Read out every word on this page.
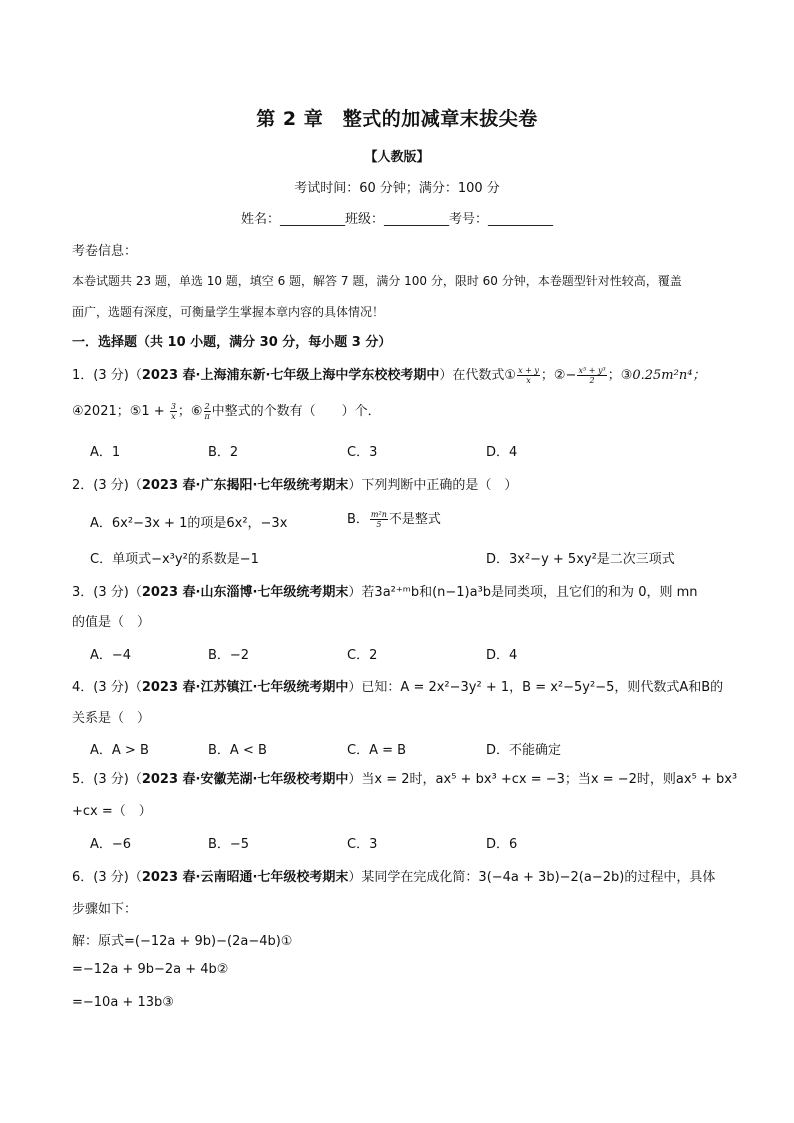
第 2 章　整式的加减章末拔尖卷
【人教版】
考试时间：60 分钟；满分：100 分
姓名：__________班级：__________考号：__________
考卷信息：
本卷试题共 23 题，单选 10 题，填空 6 题，解答 7 题，满分 100 分，限时 60 分钟，本卷题型针对性较高，覆盖
面广，选题有深度，可衡量学生掌握本章内容的具体情况！
一．选择题（共 10 小题，满分 30 分，每小题 3 分）
1．(3 分)（2023 春·上海浦东新·七年级上海中学东校校考期中）在代数式① $\frac{x + y}{x}$ ；②− $\frac{\text{x⁵ + y³}}{2}$ ；③0.25m²n⁴；
④2021；⑤1 + $\frac{3}{x}$ ；⑥ $\frac{2}{\pi}$ 中整式的个数有（　　）个．
A．1	B．2	C．3	D．4
2．(3 分)（2023 春·广东揭阳·七年级统考期末）下列判断中正确的是（　）
A．6x²−3x + 1的项是6x²，−3x	B． $\frac{\text{m²n}}{5}$ 不是整式
C．单项式−x³y²的系数是−1	D．3x²−y + 5xy²是二次三项式
3．(3 分)（2023 春·山东淄博·七年级统考期末）若3a²⁺ᵐb和(n−1)a³b是同类项，且它们的和为 0，则 mn
的值是（　）
A．−4	B．−2	C．2	D．4
4．(3 分)（2023 春·江苏镇江·七年级统考期中）已知：A = 2x²−3y² + 1，B = x²−5y²−5，则代数式A和B的
关系是（　）
A．A > B	B．A < B	C．A = B	D．不能确定
5．(3 分)（2023 春·安徽芜湖·七年级校考期中）当x = 2时，ax⁵ + bx³ +cx = −3；当x = −2时，则ax⁵ + bx³
+cx =（　）
A．−6	B．−5	C．3	D．6
6．(3 分)（2023 春·云南昭通·七年级校考期末）某同学在完成化简：3(−4a + 3b)−2(a−2b)的过程中，具体
步骤如下：
解：原式=(−12a + 9b)−(2a−4b)①
=−12a + 9b−2a + 4b②
=−10a + 13b③
